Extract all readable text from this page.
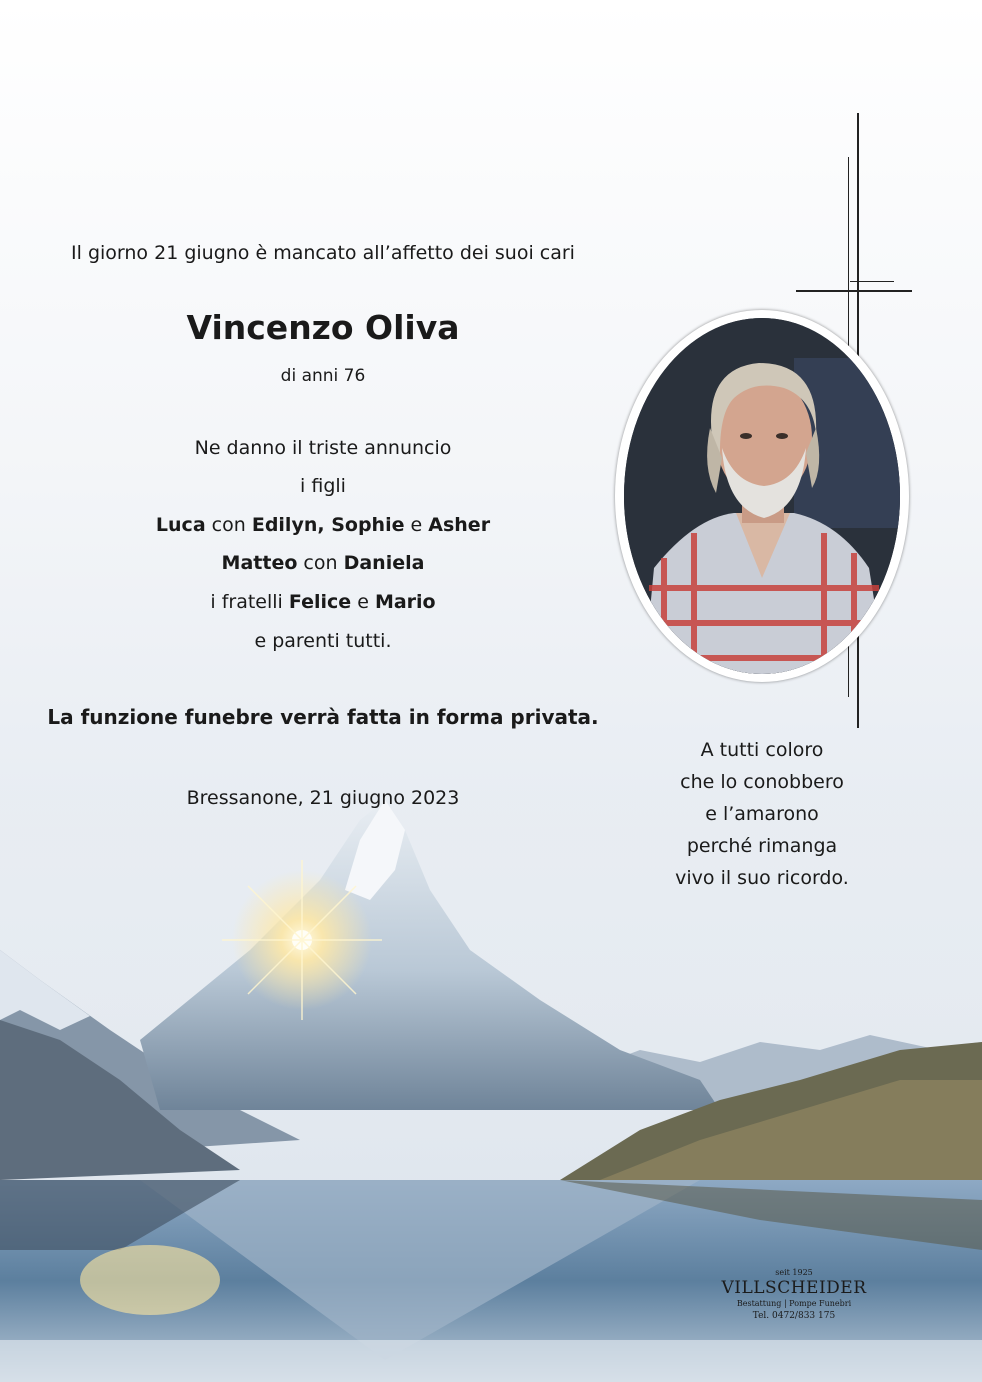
Il giorno 21 giugno è mancato all’affetto dei suoi cari
Vincenzo Oliva
di anni 76
Ne danno il triste annuncio
i figli
Luca con Edilyn, Sophie e Asher
Matteo con Daniela
i fratelli Felice e Mario
e parenti tutti.
La funzione funebre verrà fatta in forma privata.
Bressanone, 21 giugno 2023
A tutti coloro
che lo conobbero
e l’amarono
perché rimanga
vivo il suo ricordo.
seit 1925
VILLSCHEIDER
Bestattung | Pompe Funebri
Tel. 0472/833 175
